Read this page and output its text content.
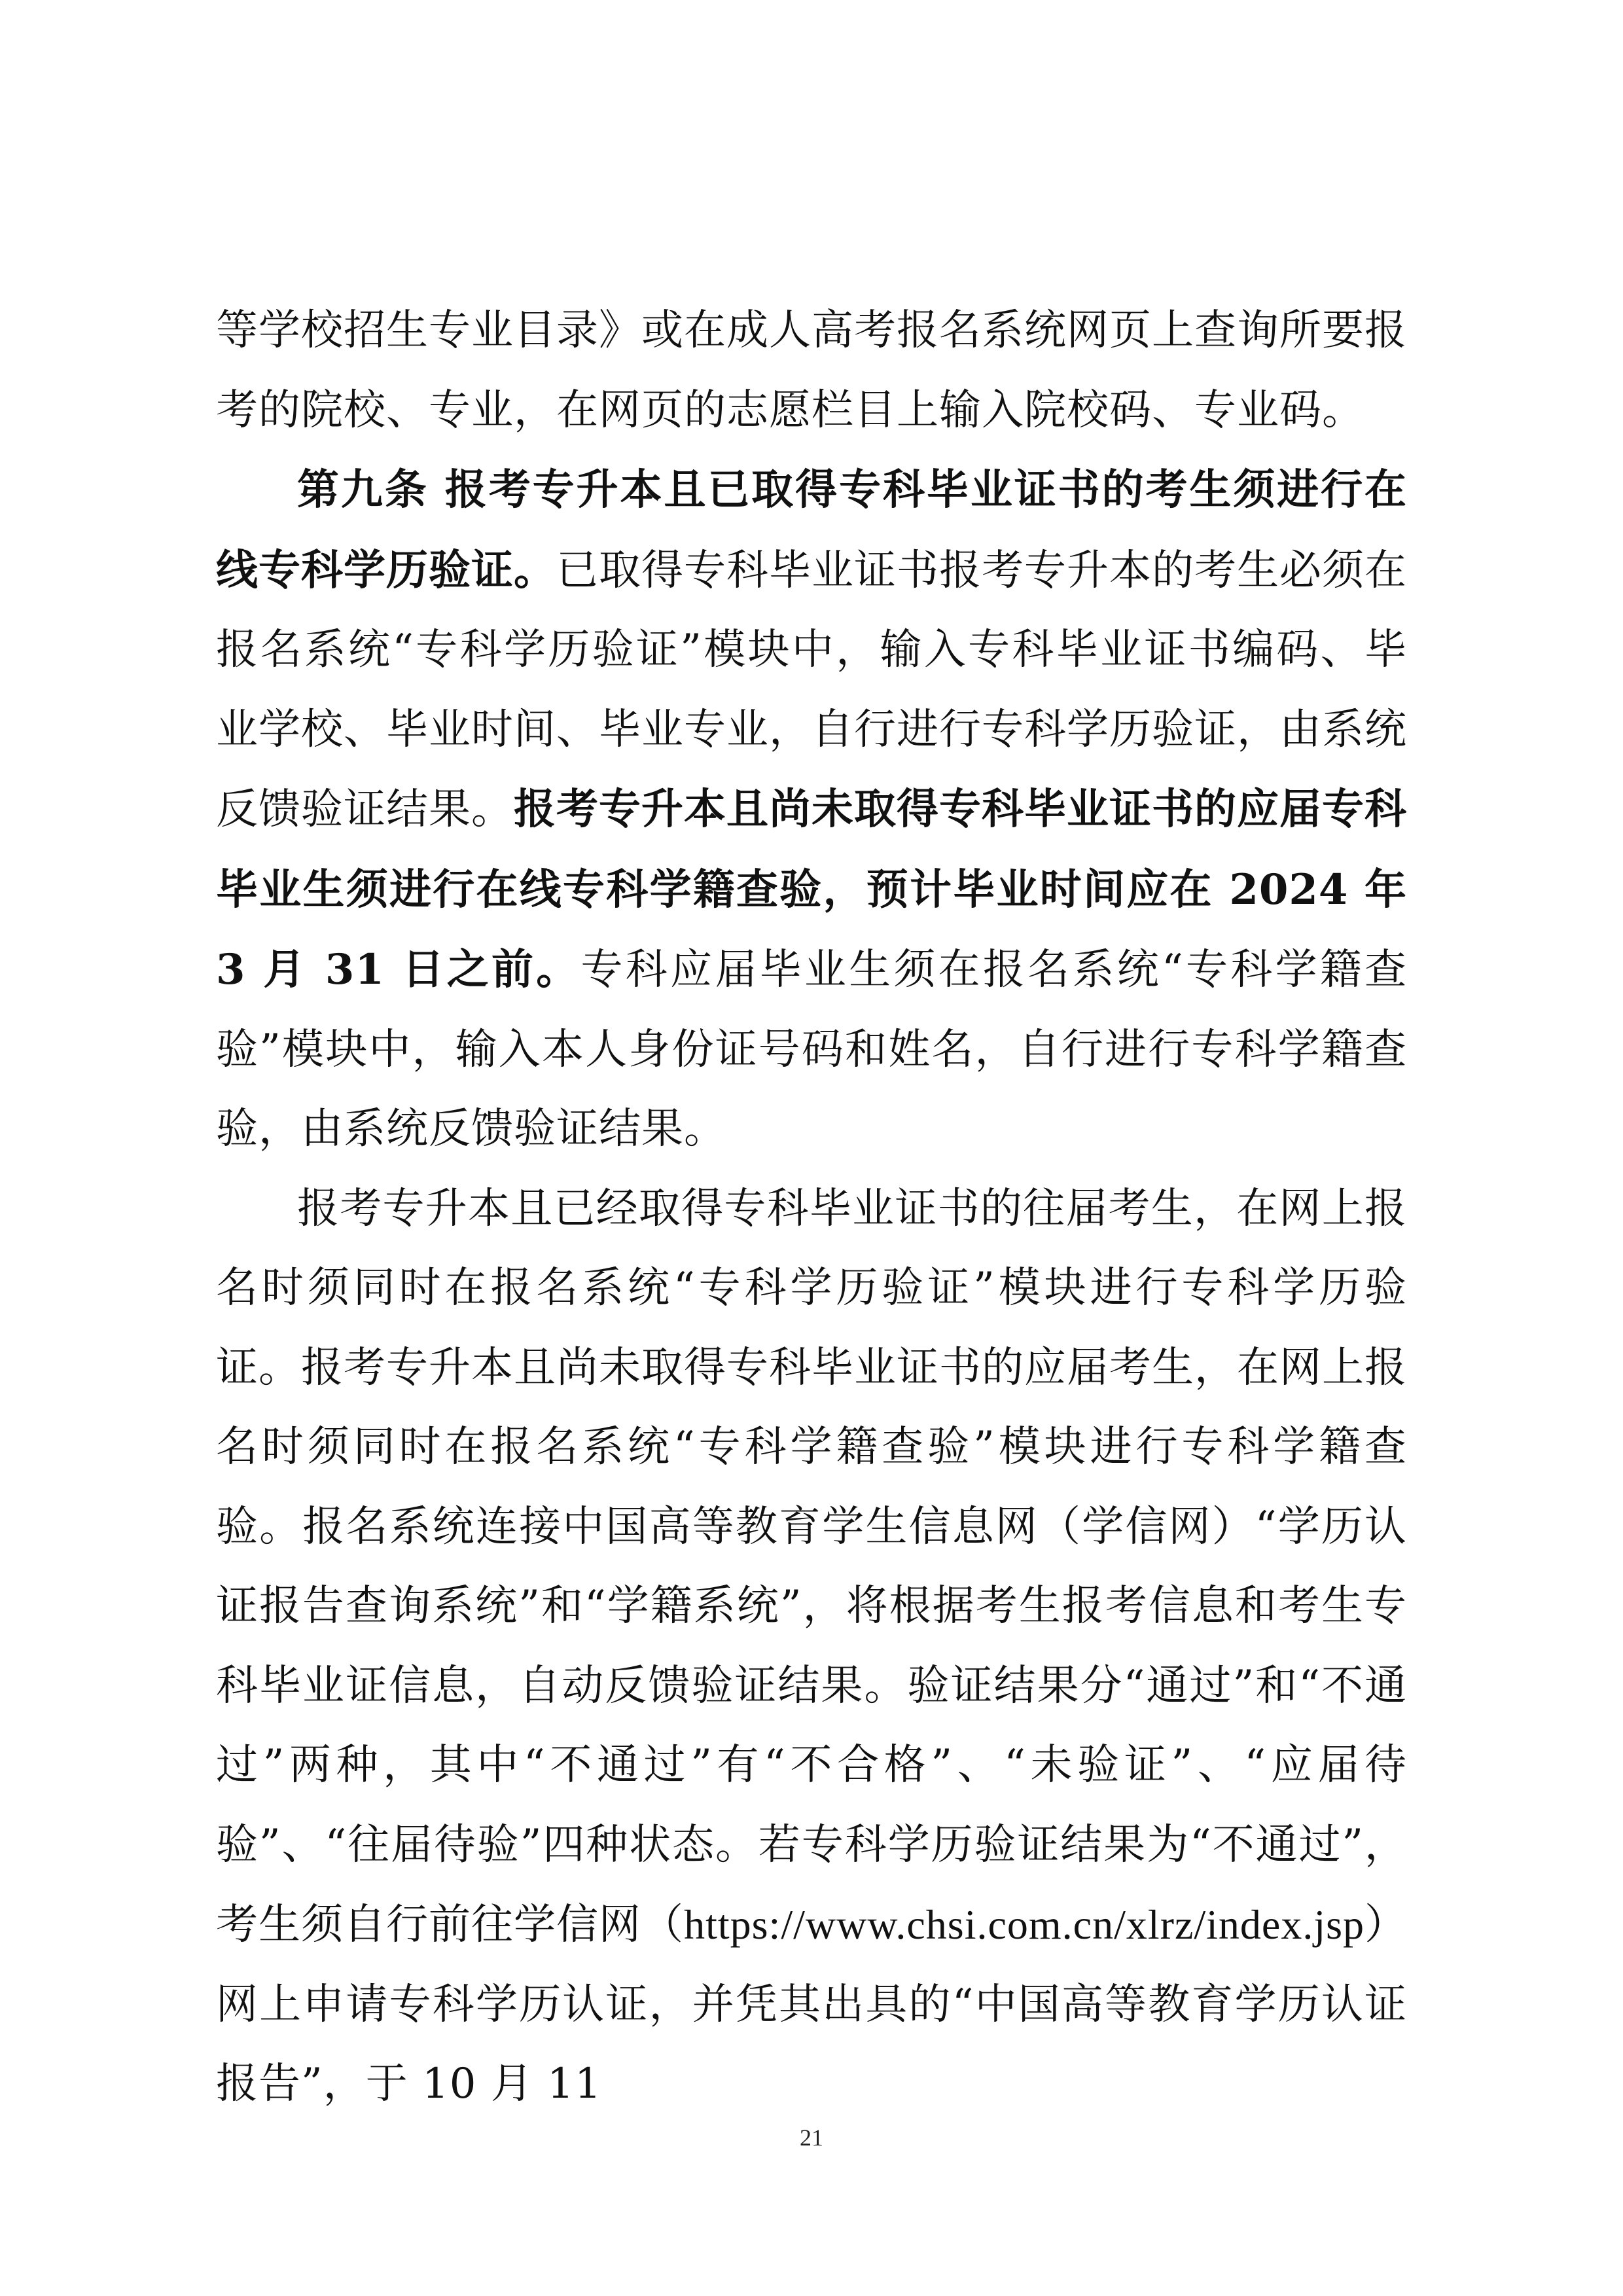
等学校招生专业目录》或在成人高考报名系统网页上查询所要报考的院校、专业，在网页的志愿栏目上输入院校码、专业码。

第九条 报考专升本且已取得专科毕业证书的考生须进行在线专科学历验证。已取得专科毕业证书报考专升本的考生必须在报名系统“专科学历验证”模块中，输入专科毕业证书编码、毕业学校、毕业时间、毕业专业，自行进行专科学历验证，由系统反馈验证结果。报考专升本且尚未取得专科毕业证书的应届专科毕业生须进行在线专科学籍查验，预计毕业时间应在 2024 年 3 月 31 日之前。专科应届毕业生须在报名系统“专科学籍查验”模块中，输入本人身份证号码和姓名，自行进行专科学籍查验，由系统反馈验证结果。

报考专升本且已经取得专科毕业证书的往届考生，在网上报名时须同时在报名系统“专科学历验证”模块进行专科学历验证。报考专升本且尚未取得专科毕业证书的应届考生，在网上报名时须同时在报名系统“专科学籍查验”模块进行专科学籍查验。报名系统连接中国高等教育学生信息网（学信网）“学历认证报告查询系统”和“学籍系统”，将根据考生报考信息和考生专科毕业证信息，自动反馈验证结果。验证结果分“通过”和“不通过”两种，其中“不通过”有“不合格”、“未验证”、“应届待验”、“往届待验”四种状态。若专科学历验证结果为“不通过”，考生须自行前往学信网（https://www.chsi.com.cn/xlrz/index.jsp）网上申请专科学历认证，并凭其出具的“中国高等教育学历认证报告”，于 10 月 11

21
